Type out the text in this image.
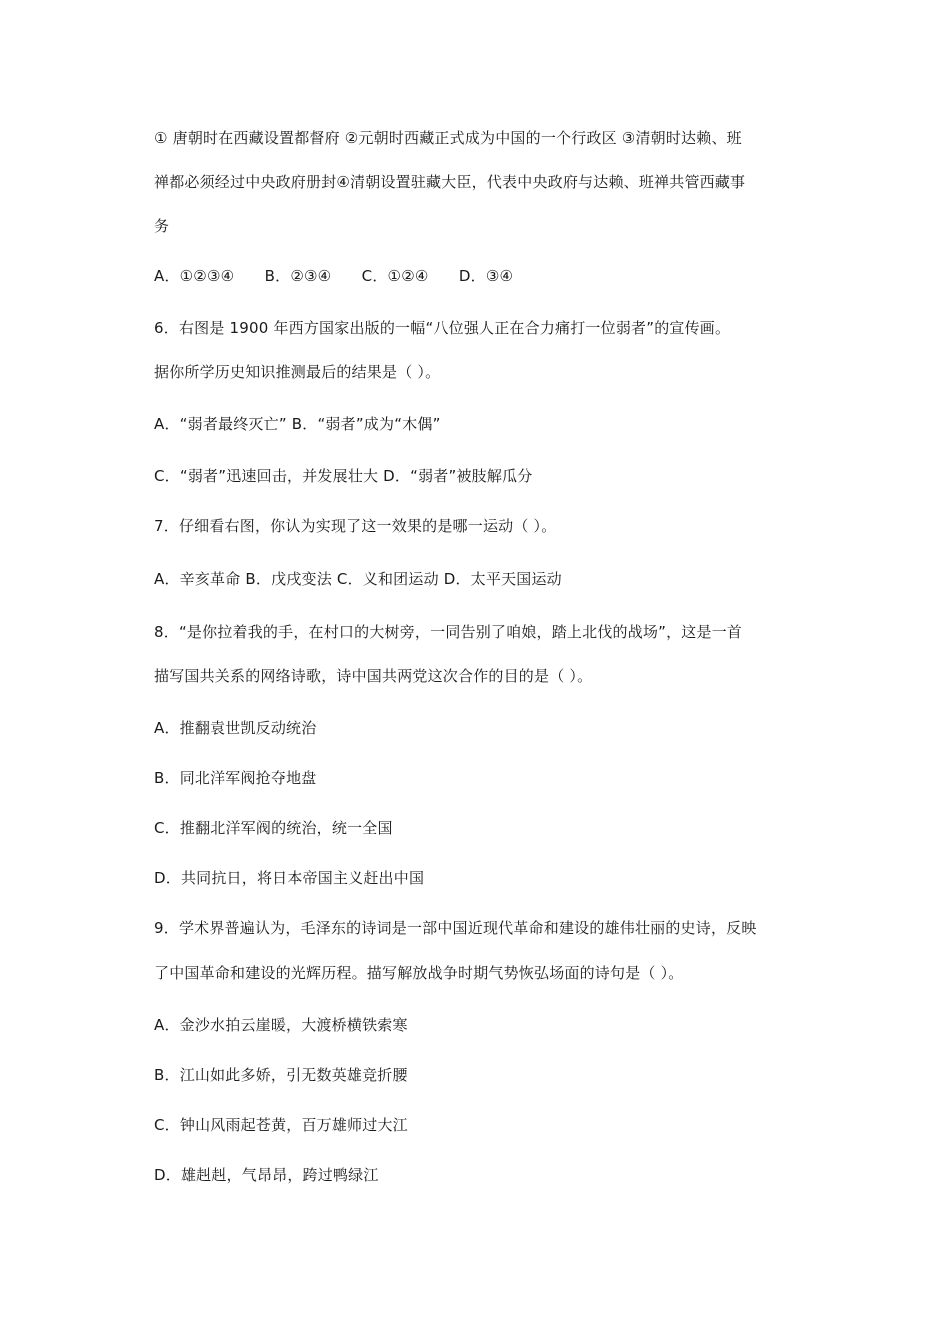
① 唐朝时在西藏设置都督府 ②元朝时西藏正式成为中国的一个行政区 ③清朝时达赖、班
禅都必须经过中央政府册封④清朝设置驻藏大臣，代表中央政府与达赖、班禅共管西藏事
务
A．①②③④　　B．②③④　　C．①②④　　D．③④
6．右图是 1900 年西方国家出版的一幅“八位强人正在合力痛打一位弱者”的宣传画。
据你所学历史知识推测最后的结果是（ ）。
A．“弱者最终灭亡” B．“弱者”成为“木偶”
C．“弱者”迅速回击，并发展壮大 D．“弱者”被肢解瓜分
7．仔细看右图，你认为实现了这一效果的是哪一运动（ ）。
A．辛亥革命 B．戊戌变法 C．义和团运动 D．太平天国运动
8．“是你拉着我的手，在村口的大树旁，一同告别了咱娘，踏上北伐的战场”，这是一首
描写国共关系的网络诗歌，诗中国共两党这次合作的目的是（ ）。
A．推翻袁世凯反动统治
B．同北洋军阀抢夺地盘
C．推翻北洋军阀的统治，统一全国
D．共同抗日，将日本帝国主义赶出中国
9．学术界普遍认为，毛泽东的诗词是一部中国近现代革命和建设的雄伟壮丽的史诗，反映
了中国革命和建设的光辉历程。描写解放战争时期气势恢弘场面的诗句是（ ）。
A．金沙水拍云崖暖，大渡桥横铁索寒
B．江山如此多娇，引无数英雄竞折腰
C．钟山风雨起苍黄，百万雄师过大江
D．雄赳赳，气昂昂，跨过鸭绿江
